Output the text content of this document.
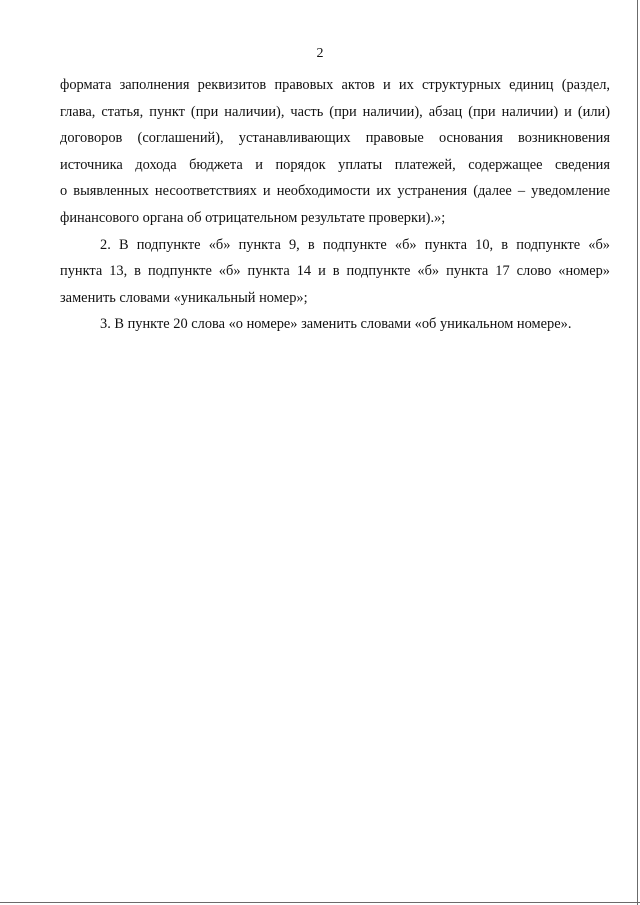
2

формата заполнения реквизитов правовых актов и их структурных единиц (раздел,
глава, статья, пункт (при наличии), часть (при наличии), абзац (при наличии) и (или)
договоров (соглашений), устанавливающих правовые основания возникновения
источника дохода бюджета и порядок уплаты платежей, содержащее сведения
о выявленных несоответствиях и необходимости их устранения (далее – уведомление
финансового органа об отрицательном результате проверки).»;

2. В подпункте «б» пункта 9, в подпункте «б» пункта 10, в подпункте «б»
пункта 13, в подпункте «б» пункта 14 и в подпункте «б» пункта 17 слово «номер»
заменить словами «уникальный номер»;

3. В пункте 20 слова «о номере» заменить словами «об уникальном номере».
